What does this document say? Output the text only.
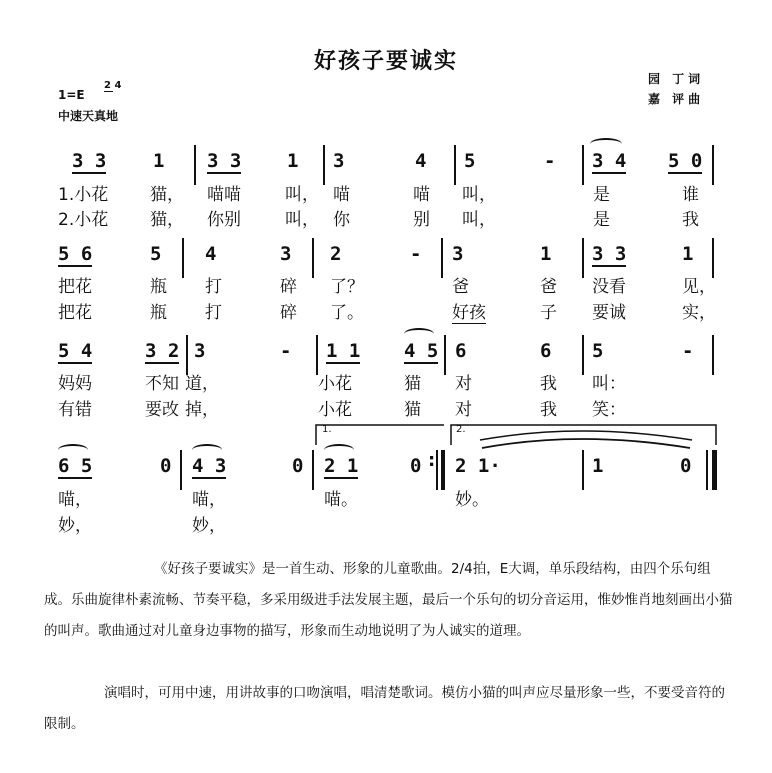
好孩子要诚实
1=E
2 4
中速天真地
园 丁词
嘉 评曲
3 3 1 3 3 1 3	4 5	- 3 4 5 0
1.小花 猫， 喵喵	叫， 喵	喵 叫，	是	谁
2.小花 猫， 你别	叫， 你	别 叫，	是	我
5 6	5 4	3 2	- 3	1 3 3	1
把花	瓶 打	碎 了？	爸	爸 没看	见，
把花	瓶 打	碎 了。	好孩	子 要诚	实，
5 4	3 2 3	- 1 1 4 5 6	6 5	-
妈妈	不知 道，	小花	猫 对	我 叫：
有错	要改 掉，	小花	猫 对	我 笑：
1.	2.
6 5	0 4 3	0 2 1	0 2 1·	1	0
:
喵，	喵，	喵。	妙。
妙，	妙，
《好孩子要诚实》是一首生动、形象的儿童歌曲。2/4拍，E大调，单乐段结构，由四个乐句组成。乐曲旋律朴素流畅、节奏平稳，多采用级进手法发展主题，最后一个乐句的切分音运用，惟妙惟肖地刻画出小猫的叫声。歌曲通过对儿童身边事物的描写，形象而生动地说明了为人诚实的道理。
演唱时，可用中速，用讲故事的口吻演唱，唱清楚歌词。模仿小猫的叫声应尽量形象一些，不要受音符的限制。
